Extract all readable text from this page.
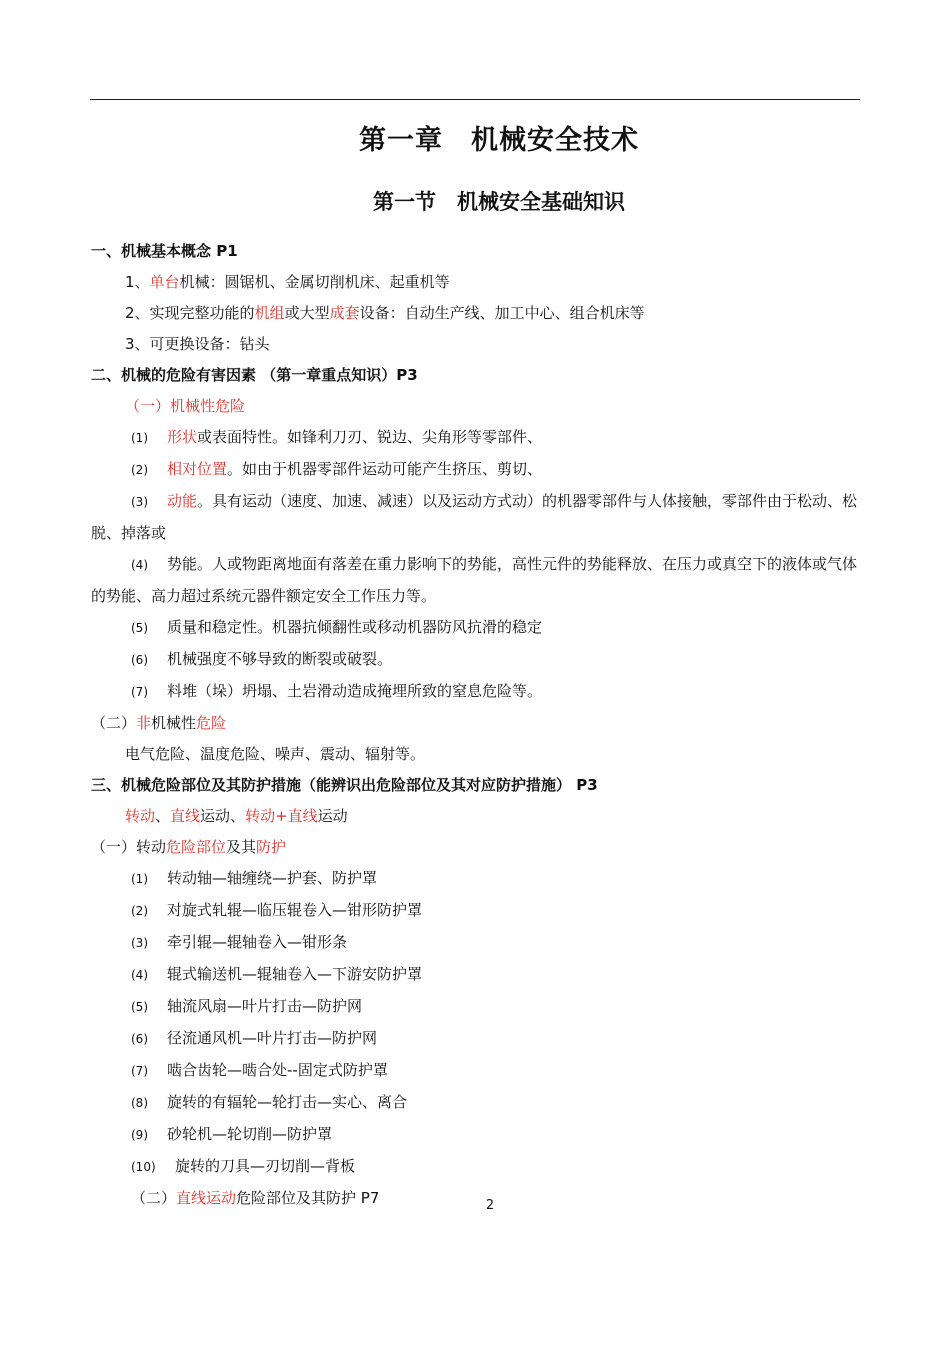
第一章　机械安全技术
第一节　机械安全基础知识

一、机械基本概念 P1

1、单台机械：圆锯机、金属切削机床、起重机等

2、实现完整功能的机组或大型成套设备：自动生产线、加工中心、组合机床等

3、可更换设备：钻头

二、机械的危险有害因素 （第一章重点知识）P3

（一）机械性危险

(1) 形状或表面特性。如锋利刀刃、锐边、尖角形等零部件、

(2) 相对位置。如由于机器零部件运动可能产生挤压、剪切、

(3) 动能。具有运动（速度、加速、减速）以及运动方式动）的机器零部件与人体接触，零部件由于松动、松脱、掉落或

(4) 势能。人或物距离地面有落差在重力影响下的势能，高性元件的势能释放、在压力或真空下的液体或气体的势能、高力超过系统元器件额定安全工作压力等。

(5) 质量和稳定性。机器抗倾翻性或移动机器防风抗滑的稳定

(6) 机械强度不够导致的断裂或破裂。

(7) 料堆（垛）坍塌、土岩滑动造成掩埋所致的窒息危险等。

（二）非机械性危险

电气危险、温度危险、噪声、震动、辐射等。

三、机械危险部位及其防护措施（能辨识出危险部位及其对应防护措施） P3

转动、直线运动、转动+直线运动

（一）转动危险部位及其防护

(1) 转动轴—轴缠绕—护套、防护罩

(2) 对旋式轧辊—临压辊卷入—钳形防护罩

(3) 牵引辊—辊轴卷入—钳形条

(4) 辊式输送机—辊轴卷入—下游安防护罩

(5) 轴流风扇—叶片打击—防护网

(6) 径流通风机—叶片打击—防护网

(7) 啮合齿轮—啮合处--固定式防护罩

(8) 旋转的有辐轮—轮打击—实心、离合

(9) 砂轮机—轮切削—防护罩

(10) 旋转的刀具—刃切削—背板

（二）直线运动危险部位及其防护 P7	2
